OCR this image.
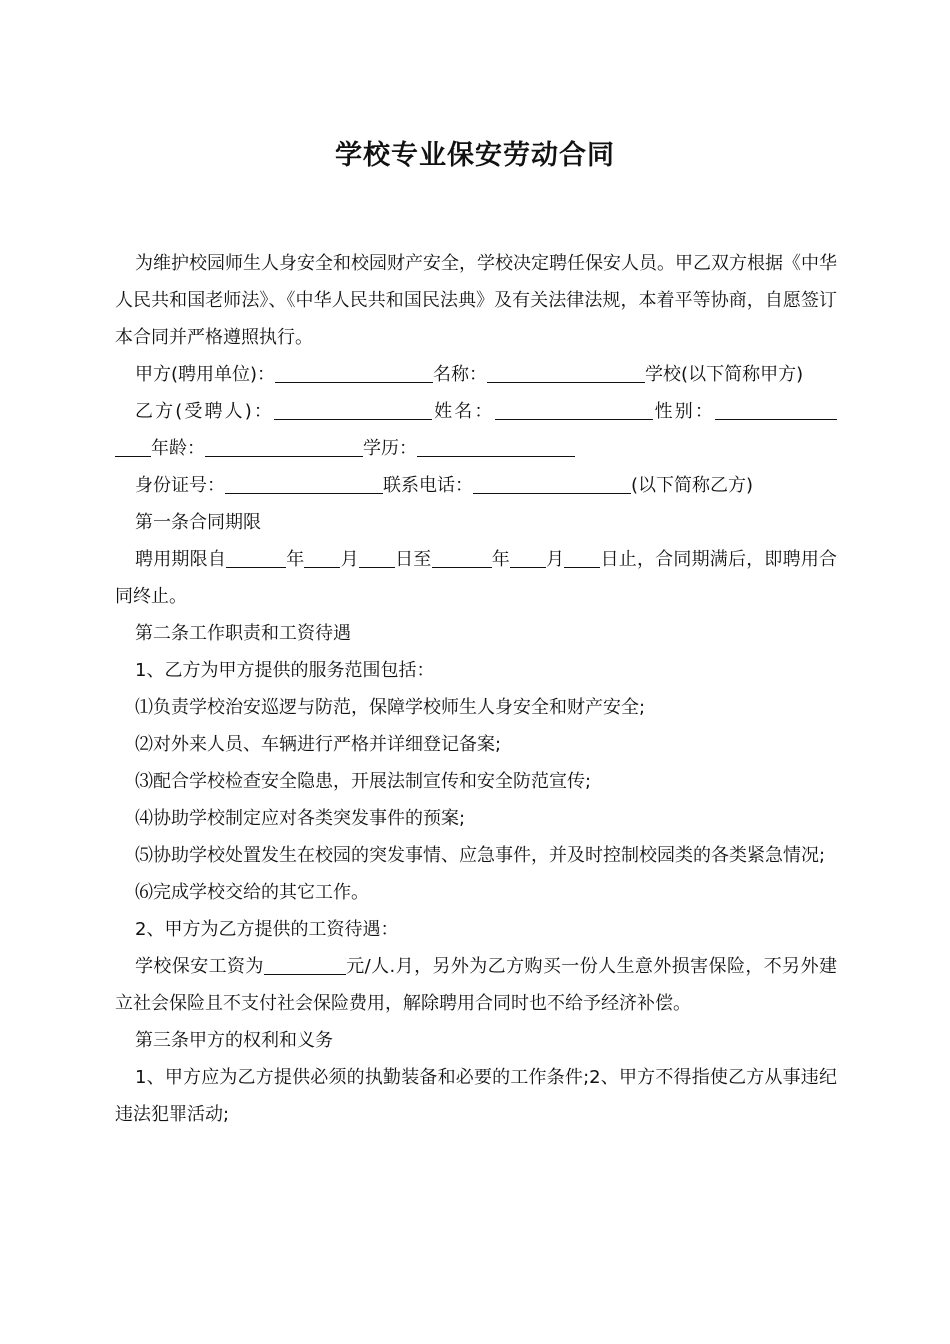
学校专业保安劳动合同

为维护校园师生人身安全和校园财产安全，学校决定聘任保安人员。甲乙双方根据《中华人民共和国老师法》、《中华人民共和国民法典》及有关法律法规，本着平等协商，自愿签订本合同并严格遵照执行。

甲方(聘用单位)：	名称：	学校(以下简称甲方)

乙方(受聘人)：	姓名：	性别：年龄：	学历：

身份证号：	联系电话：	(以下简称乙方)

第一条合同期限

聘用期限自	年 月 日至	年 月 日止，合同期满后，即聘用合同终止。

第二条工作职责和工资待遇

1、乙方为甲方提供的服务范围包括：

⑴负责学校治安巡逻与防范，保障学校师生人身安全和财产安全;

⑵对外来人员、车辆进行严格并详细登记备案;

⑶配合学校检查安全隐患，开展法制宣传和安全防范宣传;

⑷协助学校制定应对各类突发事件的预案;

⑸协助学校处置发生在校园的突发事情、应急事件，并及时控制校园类的各类紧急情况;

⑹完成学校交给的其它工作。

2、甲方为乙方提供的工资待遇：

学校保安工资为	元/人.月，另外为乙方购买一份人生意外损害保险，不另外建立社会保险且不支付社会保险费用，解除聘用合同时也不给予经济补偿。

第三条甲方的权利和义务

1、甲方应为乙方提供必须的执勤装备和必要的工作条件;2、甲方不得指使乙方从事违纪违法犯罪活动;
